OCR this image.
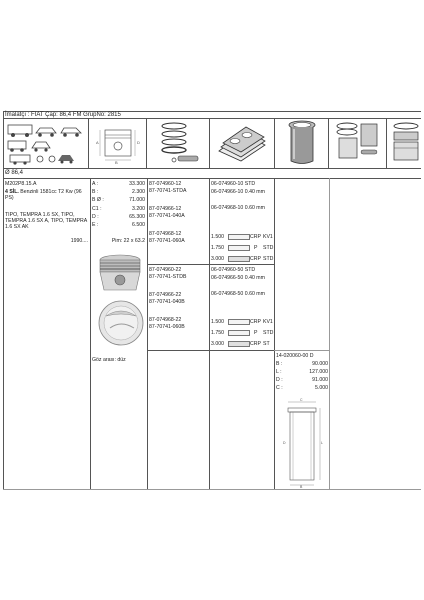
İmalatçı : FIAT Çap: 86,4 FM GrupNo: 2815
A	D
B
Ø 86,4
M202P8.15.A
4 SİL. Benzinli 1581cc T2 Kw (96 PS)
TIPO, TEMPRA 1.6 SX, TIPO, TEMPRA 1.6 SX A, TIPO, TEMPRA 1.6 SX AK
1990....
A :	33.300
B :	2.300
B Ø :	71.000
C1 :	3.200
D :	65.300
E :	6.500
Pim: 22 x 63.2
Göz arası: düz
87-074960-12
87-70741-STDA
87-074966-12
87-70741-040A
87-074968-12
87-70741-060A
87-074960-22
87-70741-STDB
87-074966-22
87-70741-040B
87-074968-22
87-70741-060B
06-074960-10 STD
06-074966-10 0.40 mm
06-074968-10 0.60 mm
1.500	CRP KV1
1.750	P STD
3.000	CRP STD
06-074960-50 STD
06-074966-50 0.40 mm
06-074968-50 0.60 mm
1.500	CRP KV1
1.750	P STD
3.000	CRP ST
14-020060-00 D
B :	90.000
L :	127.000
D :	91.000
C :	5.000
C
L
B
D
